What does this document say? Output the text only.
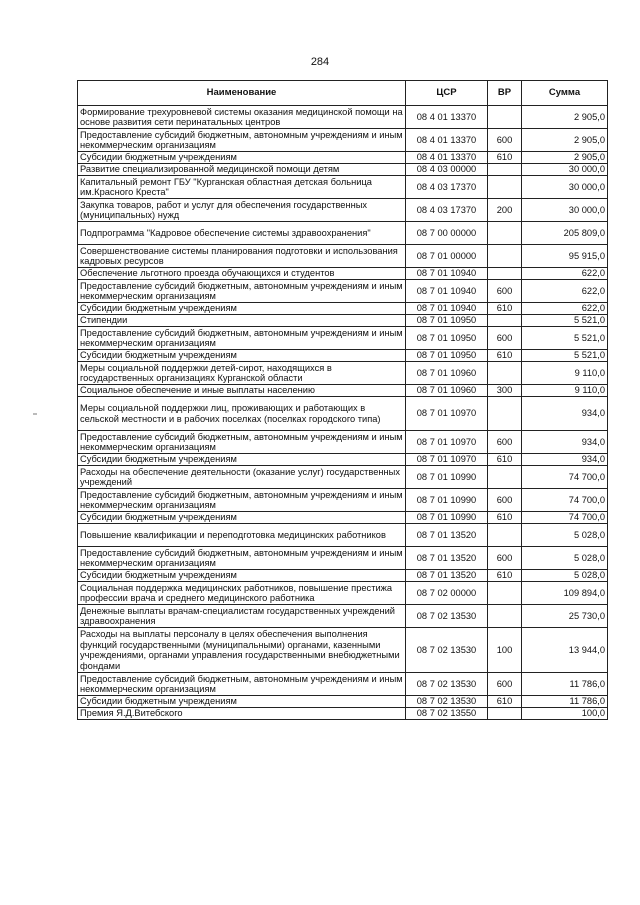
284
Наименование	ЦСР	ВР	Сумма
Формирование трехуровневой системы оказания медицинской помощи на основе развития сети перинатальных центров	08 4 01 13370		2 905,0
Предоставление субсидий бюджетным, автономным учреждениям и иным некоммерческим организациям	08 4 01 13370	600	2 905,0
Субсидии бюджетным учреждениям	08 4 01 13370	610	2 905,0
Развитие специализированной медицинской помощи детям	08 4 03 00000		30 000,0
Капитальный ремонт ГБУ "Курганская областная детская больница им.Красного Креста"	08 4 03 17370		30 000,0
Закупка товаров, работ и услуг для обеспечения государственных (муниципальных) нужд	08 4 03 17370	200	30 000,0
Подпрограмма "Кадровое обеспечение системы здравоохранения"	08 7 00 00000		205 809,0
Совершенствование системы планирования подготовки и использования кадровых ресурсов	08 7 01 00000		95 915,0
Обеспечение льготного проезда обучающихся и студентов	08 7 01 10940		622,0
Предоставление субсидий бюджетным, автономным учреждениям и иным некоммерческим организациям	08 7 01 10940	600	622,0
Субсидии бюджетным учреждениям	08 7 01 10940	610	622,0
Стипендии	08 7 01 10950		5 521,0
Предоставление субсидий бюджетным, автономным учреждениям и иным некоммерческим организациям	08 7 01 10950	600	5 521,0
Субсидии бюджетным учреждениям	08 7 01 10950	610	5 521,0
Меры социальной поддержки детей-сирот, находящихся в государственных организациях Курганской области	08 7 01 10960		9 110,0
Социальное обеспечение и иные выплаты населению	08 7 01 10960	300	9 110,0
Меры социальной поддержки лиц, проживающих и работающих в сельской местности и в рабочих поселках (поселках городского типа)	08 7 01 10970		934,0
Предоставление субсидий бюджетным, автономным учреждениям и иным некоммерческим организациям	08 7 01 10970	600	934,0
Субсидии бюджетным учреждениям	08 7 01 10970	610	934,0
Расходы на обеспечение деятельности (оказание услуг) государственных учреждений	08 7 01 10990		74 700,0
Предоставление субсидий бюджетным, автономным учреждениям и иным некоммерческим организациям	08 7 01 10990	600	74 700,0
Субсидии бюджетным учреждениям	08 7 01 10990	610	74 700,0
Повышение квалификации и переподготовка медицинских работников	08 7 01 13520		5 028,0
Предоставление субсидий бюджетным, автономным учреждениям и иным некоммерческим организациям	08 7 01 13520	600	5 028,0
Субсидии бюджетным учреждениям	08 7 01 13520	610	5 028,0
Социальная поддержка медицинских работников, повышение престижа профессии врача и среднего медицинского работника	08 7 02 00000		109 894,0
Денежные выплаты врачам-специалистам государственных учреждений здравоохранения	08 7 02 13530		25 730,0
Расходы на выплаты персоналу в целях обеспечения выполнения функций государственными (муниципальными) органами, казенными учреждениями, органами управления государственными внебюджетными фондами	08 7 02 13530	100	13 944,0
Предоставление субсидий бюджетным, автономным учреждениям и иным некоммерческим организациям	08 7 02 13530	600	11 786,0
Субсидии бюджетным учреждениям	08 7 02 13530	610	11 786,0
Премия Я.Д.Витебского	08 7 02 13550		100,0
